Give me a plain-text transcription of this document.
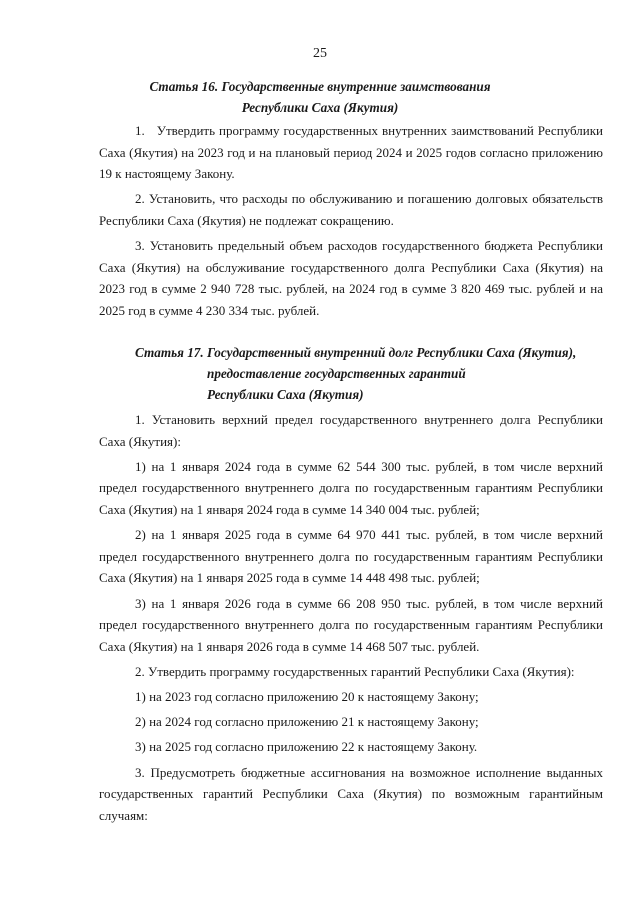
25
Статья 16. Государственные внутренние заимствования
Республики Саха (Якутия)

1.   Утвердить программу государственных внутренних заимствований Республики Саха (Якутия) на 2023 год и на плановый период 2024 и 2025 годов согласно приложению 19 к настоящему Закону.

2. Установить, что расходы по обслуживанию и погашению долговых обязательств Республики Саха (Якутия) не подлежат сокращению.

3. Установить предельный объем расходов государственного бюджета Республики Саха (Якутия) на обслуживание государственного долга Республики Саха (Якутия) на 2023 год в сумме 2 940 728 тыс. рублей, на 2024 год в сумме 3 820 469 тыс. рублей и на 2025 год в сумме 4 230 334 тыс. рублей.

Статья 17. Государственный внутренний долг Республики Саха (Якутия),
предоставление государственных гарантий
Республики Саха (Якутия)

1. Установить верхний предел государственного внутреннего долга Республики Саха (Якутия):

1) на 1 января 2024 года в сумме 62 544 300 тыс. рублей, в том числе верхний предел государственного внутреннего долга по государственным гарантиям Республики Саха (Якутия) на 1 января 2024 года в сумме 14 340 004 тыс. рублей;

2) на 1 января 2025 года в сумме 64 970 441 тыс. рублей, в том числе верхний предел государственного внутреннего долга по государственным гарантиям Республики Саха (Якутия) на 1 января 2025 года в сумме 14 448 498 тыс. рублей;

3) на 1 января 2026 года в сумме 66 208 950 тыс. рублей, в том числе верхний предел государственного внутреннего долга по государственным гарантиям Республики Саха (Якутия) на 1 января 2026 года в сумме 14 468 507 тыс. рублей.

2. Утвердить программу государственных гарантий Республики Саха (Якутия):

1) на 2023 год согласно приложению 20 к настоящему Закону;

2) на 2024 год согласно приложению 21 к настоящему Закону;

3) на 2025 год согласно приложению 22 к настоящему Закону.

3. Предусмотреть бюджетные ассигнования на возможное исполнение выданных государственных гарантий Республики Саха (Якутия) по возможным гарантийным случаям:
